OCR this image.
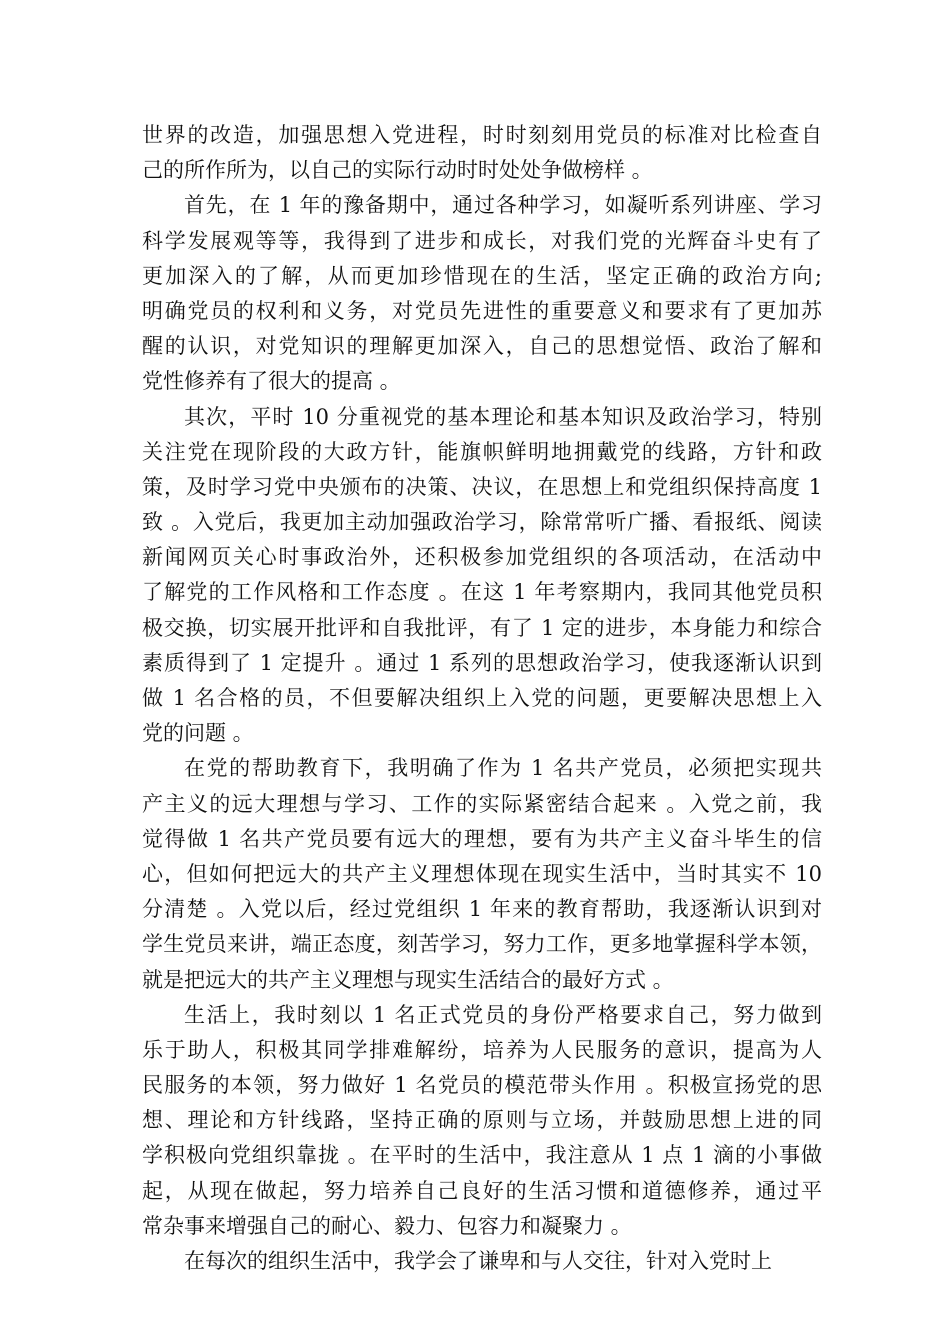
世界的改造，加强思想入党进程，时时刻刻用党员的标准对比检查自
己的所作所为，以自己的实际行动时时处处争做榜样 。
首先，在 1 年的豫备期中，通过各种学习，如凝听系列讲座、学习
科学发展观等等，我得到了进步和成长，对我们党的光辉奋斗史有了
更加深入的了解，从而更加珍惜现在的生活，坚定正确的政治方向;
明确党员的权利和义务，对党员先进性的重要意义和要求有了更加苏
醒的认识，对党知识的理解更加深入，自己的思想觉悟、政治了解和
党性修养有了很大的提高 。
其次，平时 10 分重视党的基本理论和基本知识及政治学习，特别
关注党在现阶段的大政方针，能旗帜鲜明地拥戴党的线路，方针和政
策，及时学习党中央颁布的决策、决议，在思想上和党组织保持高度 1
致 。入党后，我更加主动加强政治学习，除常常听广播、看报纸、阅读
新闻网页关心时事政治外，还积极参加党组织的各项活动，在活动中
了解党的工作风格和工作态度 。在这 1 年考察期内，我同其他党员积
极交换，切实展开批评和自我批评，有了 1 定的进步，本身能力和综合
素质得到了 1 定提升 。通过 1 系列的思想政治学习，使我逐渐认识到
做 1 名合格的员，不但要解决组织上入党的问题，更要解决思想上入
党的问题 。
在党的帮助教育下，我明确了作为 1 名共产党员，必须把实现共
产主义的远大理想与学习、工作的实际紧密结合起来 。入党之前，我
觉得做 1 名共产党员要有远大的理想，要有为共产主义奋斗毕生的信
心，但如何把远大的共产主义理想体现在现实生活中，当时其实不 10
分清楚 。入党以后，经过党组织 1 年来的教育帮助，我逐渐认识到对
学生党员来讲，端正态度，刻苦学习，努力工作，更多地掌握科学本领，
就是把远大的共产主义理想与现实生活结合的最好方式 。
生活上，我时刻以 1 名正式党员的身份严格要求自己，努力做到
乐于助人，积极其同学排难解纷，培养为人民服务的意识，提高为人
民服务的本领，努力做好 1 名党员的模范带头作用 。积极宣扬党的思
想、理论和方针线路，坚持正确的原则与立场，并鼓励思想上进的同
学积极向党组织靠拢 。在平时的生活中，我注意从 1 点 1 滴的小事做
起，从现在做起，努力培养自己良好的生活习惯和道德修养，通过平
常杂事来增强自己的耐心、毅力、包容力和凝聚力 。
在每次的组织生活中，我学会了谦卑和与人交往，针对入党时上
